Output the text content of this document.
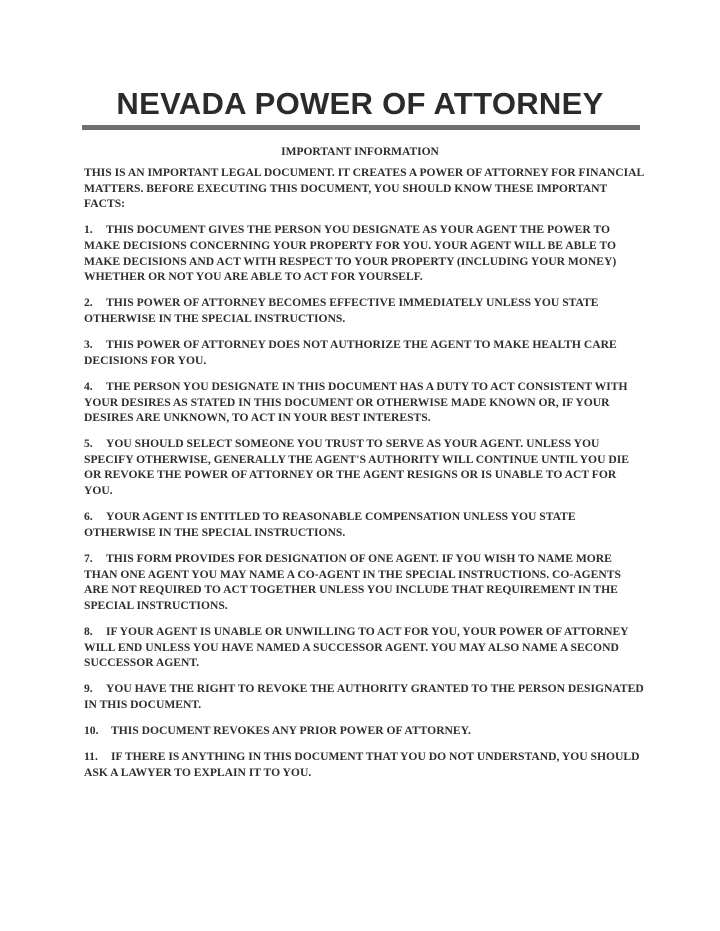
NEVADA POWER OF ATTORNEY
IMPORTANT INFORMATION

THIS IS AN IMPORTANT LEGAL DOCUMENT. IT CREATES A POWER OF ATTORNEY FOR FINANCIAL MATTERS. BEFORE EXECUTING THIS DOCUMENT, YOU SHOULD KNOW THESE IMPORTANT FACTS:

1. THIS DOCUMENT GIVES THE PERSON YOU DESIGNATE AS YOUR AGENT THE POWER TO MAKE DECISIONS CONCERNING YOUR PROPERTY FOR YOU. YOUR AGENT WILL BE ABLE TO MAKE DECISIONS AND ACT WITH RESPECT TO YOUR PROPERTY (INCLUDING YOUR MONEY) WHETHER OR NOT YOU ARE ABLE TO ACT FOR YOURSELF.

2. THIS POWER OF ATTORNEY BECOMES EFFECTIVE IMMEDIATELY UNLESS YOU STATE OTHERWISE IN THE SPECIAL INSTRUCTIONS.

3. THIS POWER OF ATTORNEY DOES NOT AUTHORIZE THE AGENT TO MAKE HEALTH CARE DECISIONS FOR YOU.

4. THE PERSON YOU DESIGNATE IN THIS DOCUMENT HAS A DUTY TO ACT CONSISTENT WITH YOUR DESIRES AS STATED IN THIS DOCUMENT OR OTHERWISE MADE KNOWN OR, IF YOUR DESIRES ARE UNKNOWN, TO ACT IN YOUR BEST INTERESTS.

5. YOU SHOULD SELECT SOMEONE YOU TRUST TO SERVE AS YOUR AGENT. UNLESS YOU SPECIFY OTHERWISE, GENERALLY THE AGENT'S AUTHORITY WILL CONTINUE UNTIL YOU DIE OR REVOKE THE POWER OF ATTORNEY OR THE AGENT RESIGNS OR IS UNABLE TO ACT FOR YOU.

6. YOUR AGENT IS ENTITLED TO REASONABLE COMPENSATION UNLESS YOU STATE OTHERWISE IN THE SPECIAL INSTRUCTIONS.

7. THIS FORM PROVIDES FOR DESIGNATION OF ONE AGENT. IF YOU WISH TO NAME MORE THAN ONE AGENT YOU MAY NAME A CO-AGENT IN THE SPECIAL INSTRUCTIONS. CO-AGENTS ARE NOT REQUIRED TO ACT TOGETHER UNLESS YOU INCLUDE THAT REQUIREMENT IN THE SPECIAL INSTRUCTIONS.

8. IF YOUR AGENT IS UNABLE OR UNWILLING TO ACT FOR YOU, YOUR POWER OF ATTORNEY WILL END UNLESS YOU HAVE NAMED A SUCCESSOR AGENT. YOU MAY ALSO NAME A SECOND SUCCESSOR AGENT.

9. YOU HAVE THE RIGHT TO REVOKE THE AUTHORITY GRANTED TO THE PERSON DESIGNATED IN THIS DOCUMENT.

10. THIS DOCUMENT REVOKES ANY PRIOR POWER OF ATTORNEY.

11. IF THERE IS ANYTHING IN THIS DOCUMENT THAT YOU DO NOT UNDERSTAND, YOU SHOULD ASK A LAWYER TO EXPLAIN IT TO YOU.
